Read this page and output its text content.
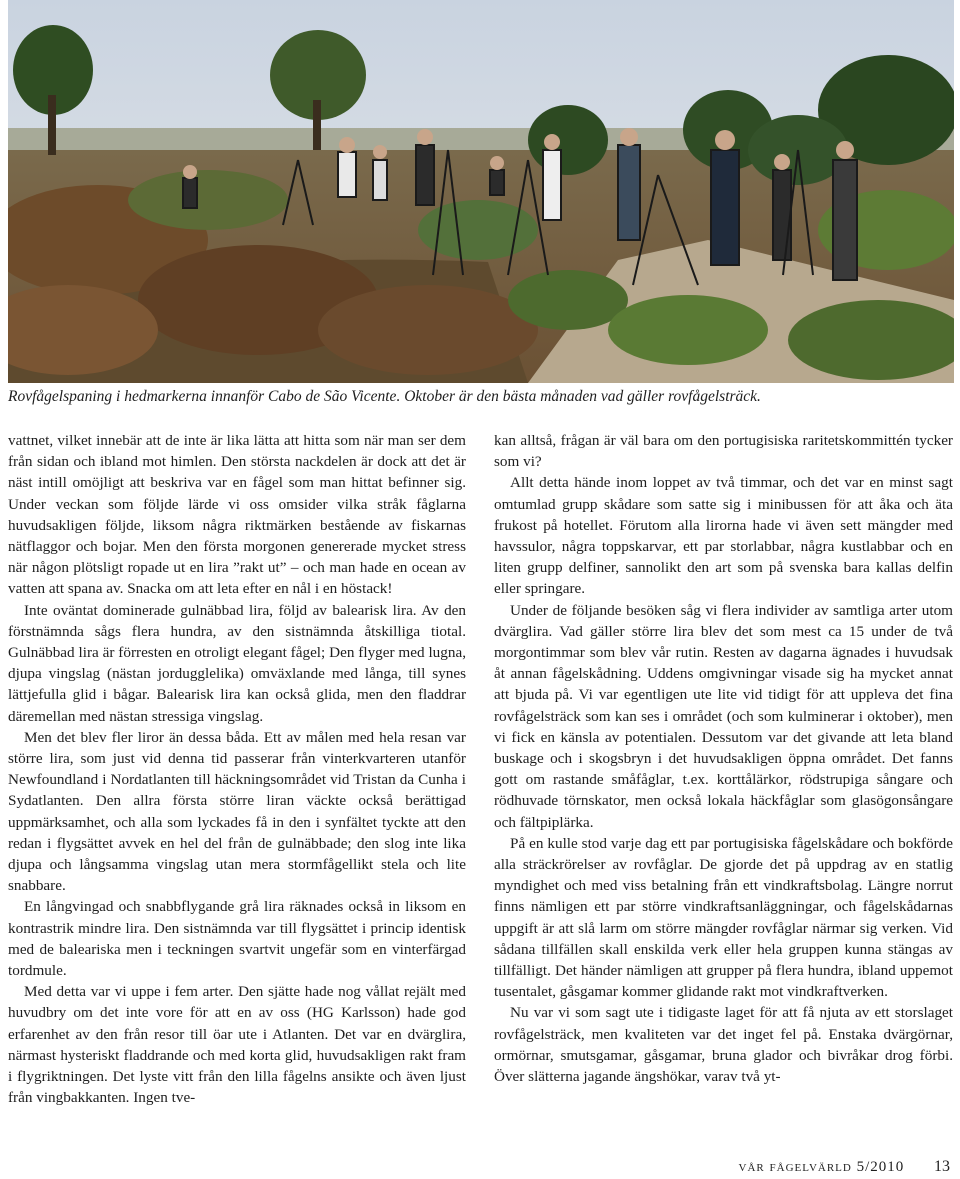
Rovfågelspaning i hedmarkerna innanför Cabo de São Vicente. Oktober är den bästa månaden vad gäller rovfågelsträck.

vattnet, vilket innebär att de inte är lika lätta att hitta som när man ser dem från sidan och ibland mot himlen. Den största nackdelen är dock att det är näst intill omöjligt att beskriva var en fågel som man hittat befinner sig. Under veckan som följde lärde vi oss omsider vilka stråk fåglarna huvudsakligen följde, liksom några riktmärken bestående av fiskarnas nätflaggor och bojar. Men den första morgonen genererade mycket stress när någon plötsligt ropade ut en lira ”rakt ut” – och man hade en ocean av vatten att spana av. Snacka om att leta efter en nål i en höstack!

Inte oväntat dominerade gulnäbbad lira, följd av balearisk lira. Av den förstnämnda sågs flera hundra, av den sistnämnda åtskilliga tiotal. Gulnäbbad lira är förresten en otroligt elegant fågel; Den flyger med lugna, djupa vingslag (nästan jordugglelika) omväxlande med långa, till synes lättjefulla glid i bågar. Balearisk lira kan också glida, men den fladdrar däremellan med nästan stressiga vingslag.

Men det blev fler liror än dessa båda. Ett av målen med hela resan var större lira, som just vid denna tid passerar från vinterkvarteren utanför Newfoundland i Nordatlanten till häckningsområdet vid Tristan da Cunha i Sydatlanten. Den allra första större liran väckte också berättigad uppmärksamhet, och alla som lyckades få in den i synfältet tyckte att den redan i flygsättet avvek en hel del från de gulnäbbade; den slog inte lika djupa och långsamma vingslag utan mera stormfågellikt stela och lite snabbare.

En långvingad och snabbflygande grå lira räknades också in liksom en kontrastrik mindre lira. Den sistnämnda var till flygsättet i princip identisk med de baleariska men i teckningen svartvit ungefär som en vinterfärgad tordmule.

Med detta var vi uppe i fem arter. Den sjätte hade nog vållat rejält med huvudbry om det inte vore för att en av oss (HG Karlsson) hade god erfarenhet av den från resor till öar ute i Atlanten. Det var en dvärglira, närmast hysteriskt fladdrande och med korta glid, huvudsakligen rakt fram i flygriktningen. Det lyste vitt från den lilla fågelns ansikte och även ljust från vingbakkanten. Ingen tve-

kan alltså, frågan är väl bara om den portugisiska raritetskommittén tycker som vi?

Allt detta hände inom loppet av två timmar, och det var en minst sagt omtumlad grupp skådare som satte sig i minibussen för att åka och äta frukost på hotellet. Förutom alla lirorna hade vi även sett mängder med havssulor, några toppskarvar, ett par storlabbar, några kustlabbar och en liten grupp delfiner, sannolikt den art som på svenska bara kallas delfin eller springare.

Under de följande besöken såg vi flera individer av samtliga arter utom dvärglira. Vad gäller större lira blev det som mest ca 15 under de två morgontimmar som blev vår rutin. Resten av dagarna ägnades i huvudsak åt annan fågelskådning. Uddens omgivningar visade sig ha mycket annat att bjuda på. Vi var egentligen ute lite vid tidigt för att uppleva det fina rovfågelsträck som kan ses i området (och som kulminerar i oktober), men vi fick en känsla av potentialen. Dessutom var det givande att leta bland buskage och i skogsbryn i det huvudsakligen öppna området. Det fanns gott om rastande småfåglar, t.ex. korttålärkor, rödstrupiga sångare och rödhuvade törnskator, men också lokala häckfåglar som glasögonsångare och fältpiplärka.

På en kulle stod varje dag ett par portugisiska fågelskådare och bokförde alla sträckrörelser av rovfåglar. De gjorde det på uppdrag av en statlig myndighet och med viss betalning från ett vindkraftsbolag. Längre norrut finns nämligen ett par större vindkraftsanläggningar, och fågelskådarnas uppgift är att slå larm om större mängder rovfåglar närmar sig verken. Vid sådana tillfällen skall enskilda verk eller hela gruppen kunna stängas av tillfälligt. Det händer nämligen att grupper på flera hundra, ibland uppemot tusentalet, gåsgamar kommer glidande rakt mot vindkraftverken.

Nu var vi som sagt ute i tidigaste laget för att få njuta av ett storslaget rovfågelsträck, men kvaliteten var det inget fel på. Enstaka dvärgörnar, ormörnar, smutsgamar, gåsgamar, bruna glador och bivråkar drog förbi. Över slätterna jagande ängshökar, varav två yt-

vår fågelvärld 5/2010 13
